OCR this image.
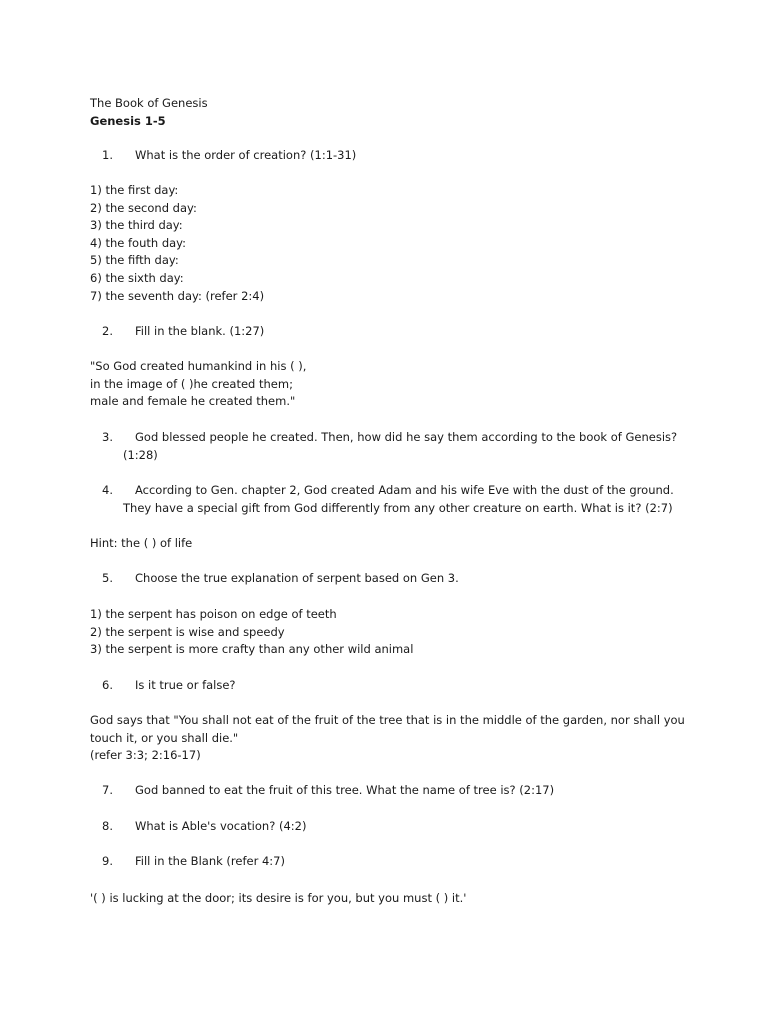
The Book of Genesis
Genesis 1-5
1. What is the order of creation? (1:1-31)
1) the first day:
2) the second day:
3) the third day:
4) the fouth day:
5) the fifth day:
6) the sixth day:
7) the seventh day: (refer 2:4)
2. Fill in the blank. (1:27)
"So God created humankind in his ( ),
in the image of ( )he created them;
male and female he created them."
3. God blessed people he created. Then, how did he say them according to the book of Genesis?
(1:28)
4. According to Gen. chapter 2, God created Adam and his wife Eve with the dust of the ground.
They have a special gift from God differently from any other creature on earth. What is it? (2:7)
Hint: the ( ) of life
5. Choose the true explanation of serpent based on Gen 3.
1) the serpent has poison on edge of teeth
2) the serpent is wise and speedy
3) the serpent is more crafty than any other wild animal
6. Is it true or false?
God says that "You shall not eat of the fruit of the tree that is in the middle of the garden, nor shall you
touch it, or you shall die."
(refer 3:3; 2:16-17)
7. God banned to eat the fruit of this tree. What the name of tree is? (2:17)
8. What is Able's vocation? (4:2)
9. Fill in the Blank (refer 4:7)
'( ) is lucking at the door; its desire is for you, but you must ( ) it.'
